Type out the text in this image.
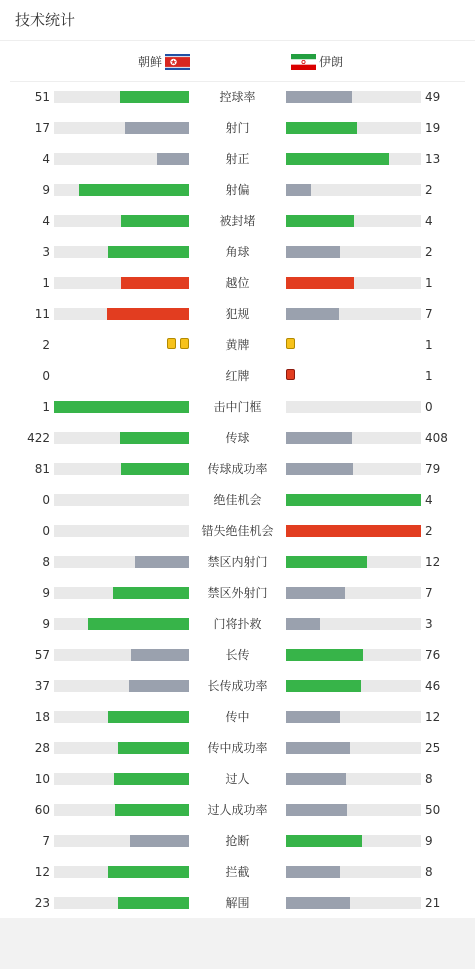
技术统计
朝鲜	伊朗
51	控球率	49
17	射门	19
4	射正	13
9	射偏	2
4	被封堵	4
3	角球	2
1	越位	1
11	犯规	7
2	黄牌	1
0	红牌	1
1	击中门框	0
422	传球	408
81	传球成功率	79
0	绝佳机会	4
0	错失绝佳机会	2
8	禁区内射门	12
9	禁区外射门	7
9	门将扑救	3
57	长传	76
37	长传成功率	46
18	传中	12
28	传中成功率	25
10	过人	8
60	过人成功率	50
7	抢断	9
12	拦截	8
23	解围	21
